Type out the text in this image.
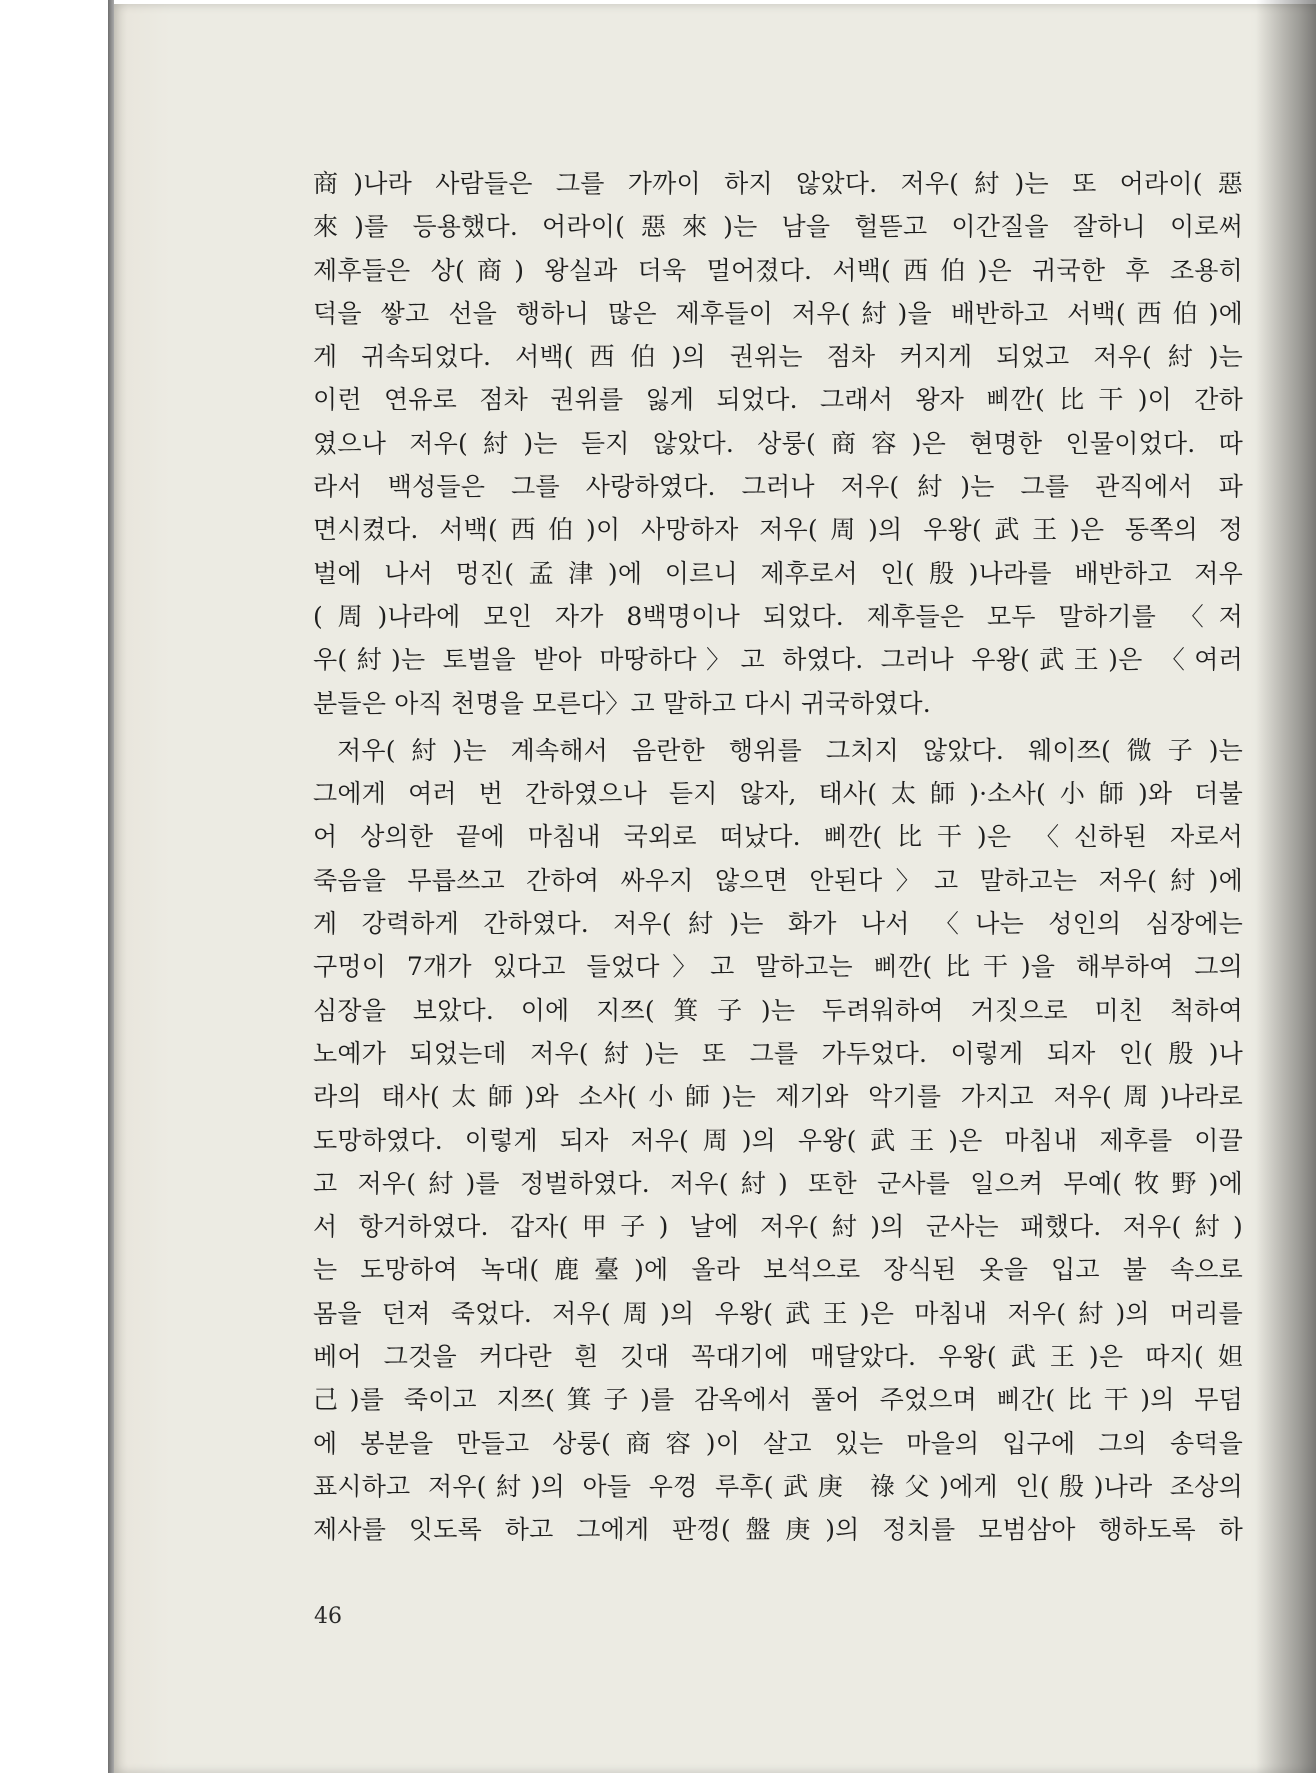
商)나라 사람들은 그를 가까이 하지 않았다. 저우(紂)는 또 어라이(惡
來)를 등용했다. 어라이(惡來)는 남을 헐뜯고 이간질을 잘하니 이로써
제후들은 상(商) 왕실과 더욱 멀어졌다. 서백(西伯)은 귀국한 후 조용히
덕을 쌓고 선을 행하니 많은 제후들이 저우(紂)을 배반하고 서백(西伯)에
게 귀속되었다. 서백(西伯)의 권위는 점차 커지게 되었고 저우(紂)는
이런 연유로 점차 권위를 잃게 되었다. 그래서 왕자 삐깐(比干)이 간하
였으나 저우(紂)는 듣지 않았다. 상룽(商容)은 현명한 인물이었다. 따
라서 백성들은 그를 사랑하였다. 그러나 저우(紂)는 그를 관직에서 파
면시켰다. 서백(西伯)이 사망하자 저우(周)의 우왕(武王)은 동쪽의 정
벌에 나서 멍진(孟津)에 이르니 제후로서 인(殷)나라를 배반하고 저우
(周)나라에 모인 자가 8백명이나 되었다. 제후들은 모두 말하기를 〈저
우(紂)는 토벌을 받아 마땅하다〉고 하였다. 그러나 우왕(武王)은 〈여러
분들은 아직 천명을 모른다〉고 말하고 다시 귀국하였다.
저우(紂)는 계속해서 음란한 행위를 그치지 않았다. 웨이쯔(微子)는
그에게 여러 번 간하였으나 듣지 않자, 태사(太師)·소사(小師)와 더불
어 상의한 끝에 마침내 국외로 떠났다. 삐깐(比干)은 〈신하된 자로서
죽음을 무릅쓰고 간하여 싸우지 않으면 안된다〉고 말하고는 저우(紂)에
게 강력하게 간하였다. 저우(紂)는 화가 나서 〈나는 성인의 심장에는
구멍이 7개가 있다고 들었다〉고 말하고는 삐깐(比干)을 해부하여 그의
심장을 보았다. 이에 지쯔(箕子)는 두려워하여 거짓으로 미친 척하여
노예가 되었는데 저우(紂)는 또 그를 가두었다. 이렇게 되자 인(殷)나
라의 태사(太師)와 소사(小師)는 제기와 악기를 가지고 저우(周)나라로
도망하였다. 이렇게 되자 저우(周)의 우왕(武王)은 마침내 제후를 이끌
고 저우(紂)를 정벌하였다. 저우(紂) 또한 군사를 일으켜 무예(牧野)에
서 항거하였다. 갑자(甲子) 날에 저우(紂)의 군사는 패했다. 저우(紂)
는 도망하여 녹대(鹿臺)에 올라 보석으로 장식된 옷을 입고 불 속으로
몸을 던져 죽었다. 저우(周)의 우왕(武王)은 마침내 저우(紂)의 머리를
베어 그것을 커다란 흰 깃대 꼭대기에 매달았다. 우왕(武王)은 따지(妲
己)를 죽이고 지쯔(箕子)를 감옥에서 풀어 주었으며 삐간(比干)의 무덤
에 봉분을 만들고 상룽(商容)이 살고 있는 마을의 입구에 그의 송덕을
표시하고 저우(紂)의 아들 우껑 루후(武庚 祿父)에게 인(殷)나라 조상의
제사를 잇도록 하고 그에게 판껑(盤庚)의 정치를 모범삼아 행하도록 하
46
